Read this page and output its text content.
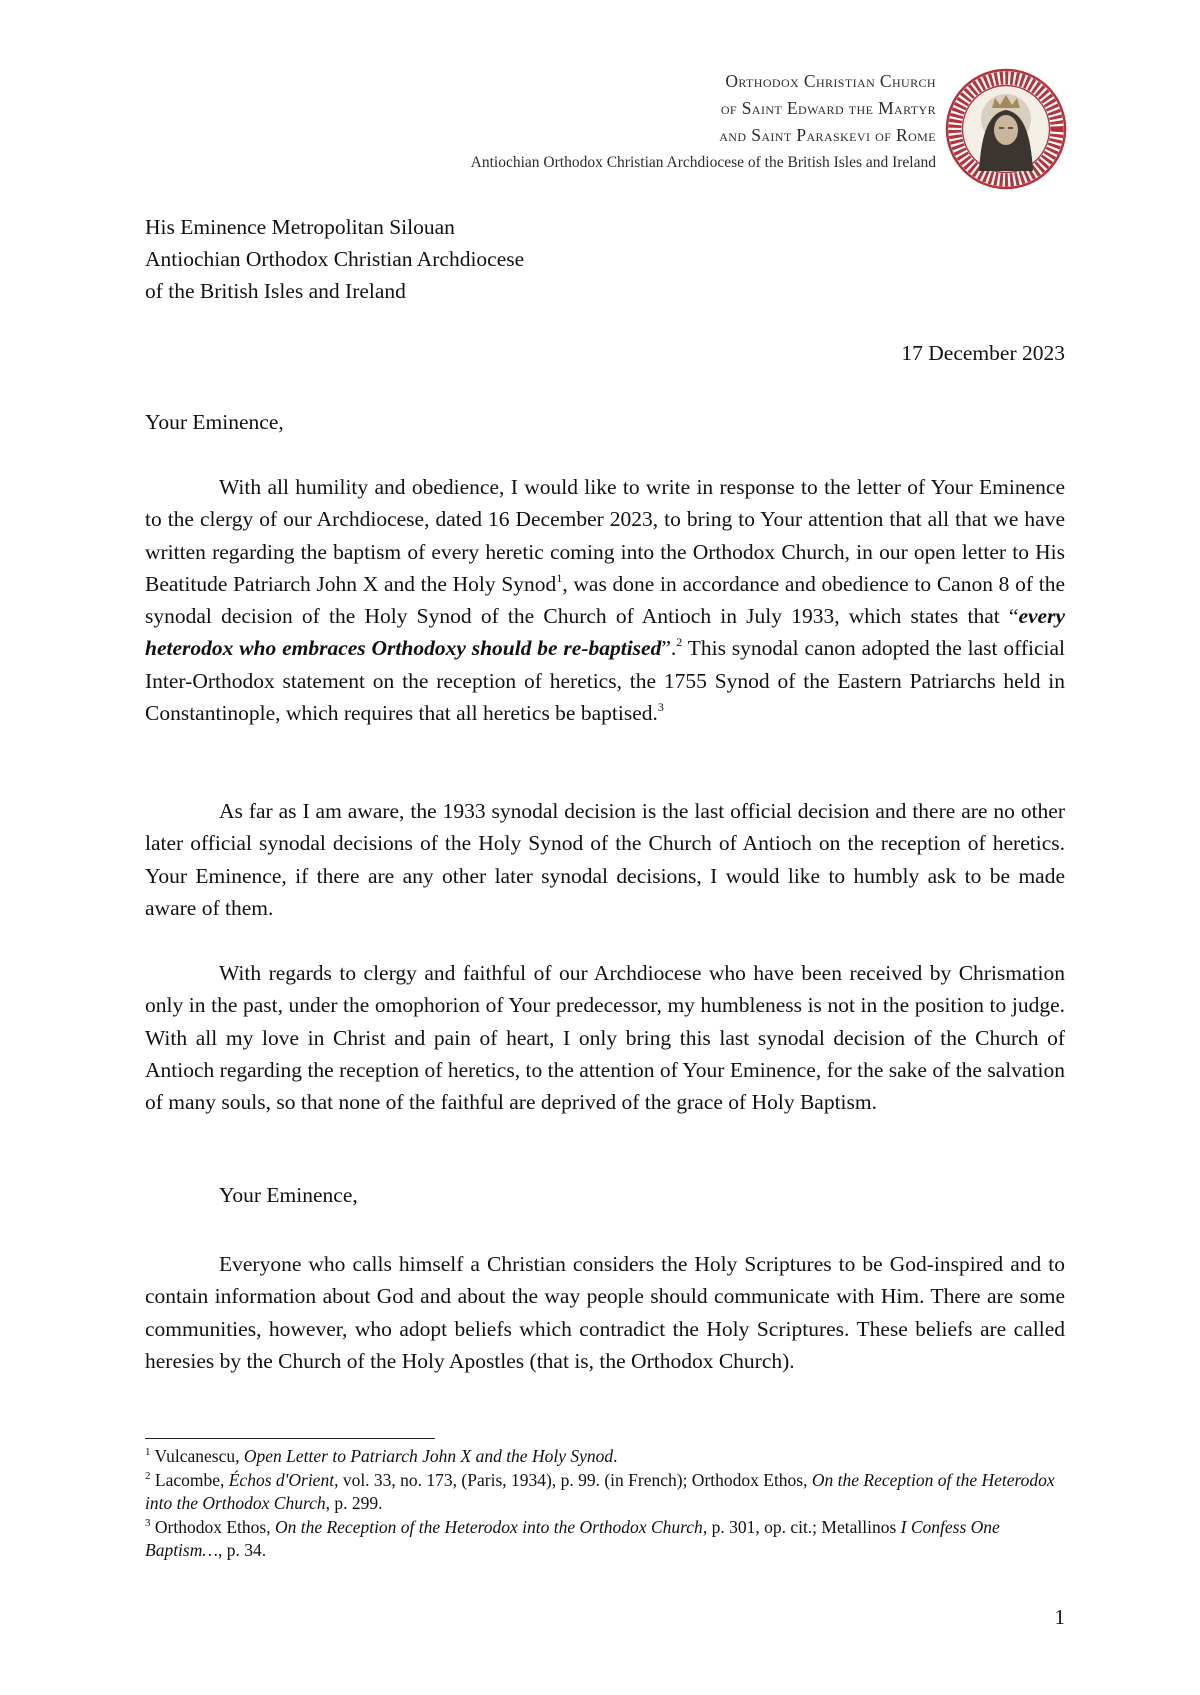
Orthodox Christian Church
of Saint Edward the Martyr
and Saint Paraskevi of Rome
Antiochian Orthodox Christian Archdiocese of the British Isles and Ireland
His Eminence Metropolitan Silouan
Antiochian Orthodox Christian Archdiocese
of the British Isles and Ireland
17 December 2023
Your Eminence,

With all humility and obedience, I would like to write in response to the letter of Your Eminence to the clergy of our Archdiocese, dated 16 December 2023, to bring to Your attention that all that we have written regarding the baptism of every heretic coming into the Orthodox Church, in our open letter to His Beatitude Patriarch John X and the Holy Synod$^1$, was done in accordance and obedience to Canon 8 of the synodal decision of the Holy Synod of the Church of Antioch in July 1933, which states that “every heterodox who embraces Orthodoxy should be re-baptised”.$^2$ This synodal canon adopted the last official Inter-Orthodox statement on the reception of heretics, the 1755 Synod of the Eastern Patriarchs held in Constantinople, which requires that all heretics be baptised.$^3$

As far as I am aware, the 1933 synodal decision is the last official decision and there are no other later official synodal decisions of the Holy Synod of the Church of Antioch on the reception of heretics. Your Eminence, if there are any other later synodal decisions, I would like to humbly ask to be made aware of them.

With regards to clergy and faithful of our Archdiocese who have been received by Chrismation only in the past, under the omophorion of Your predecessor, my humbleness is not in the position to judge. With all my love in Christ and pain of heart, I only bring this last synodal decision of the Church of Antioch regarding the reception of heretics, to the attention of Your Eminence, for the sake of the salvation of many souls, so that none of the faithful are deprived of the grace of Holy Baptism.

Your Eminence,

Everyone who calls himself a Christian considers the Holy Scriptures to be God-inspired and to contain information about God and about the way people should communicate with Him. There are some communities, however, who adopt beliefs which contradict the Holy Scriptures. These beliefs are called heresies by the Church of the Holy Apostles (that is, the Orthodox Church).

$^1$ Vulcanescu, Open Letter to Patriarch John X and the Holy Synod.

$^2$ Lacombe, Échos d'Orient, vol. 33, no. 173, (Paris, 1934), p. 99. (in French); Orthodox Ethos, On the Reception of the Heterodox into the Orthodox Church, p. 299.

$^3$ Orthodox Ethos, On the Reception of the Heterodox into the Orthodox Church, p. 301, op. cit.; Metallinos I Confess One Baptism…, p. 34.

1
